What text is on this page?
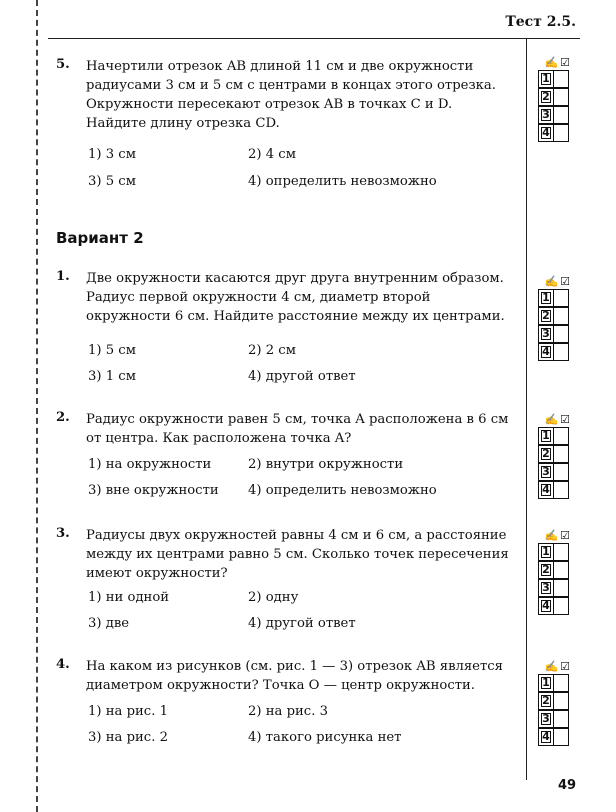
Тест 2.5.
5. Начертили отрезок AB длиной 11 см и две окружности радиусами 3 см и 5 см с центрами в концах этого отрезка. Окружности пересекают отрезок AB в точках C и D. Найдите длину отрезка CD.
1) 3 см	2) 4 см
3) 5 см	4) определить невозможно
✍☑
1
2
3
4
Вариант 2
1. Две окружности касаются друг друга внутренним образом. Радиус первой окружности 4 см, диаметр второй окружности 6 см. Найдите расстояние между их центрами.
1) 5 см	2) 2 см
3) 1 см	4) другой ответ
✍☑
1
2
3
4
2. Радиус окружности равен 5 см, точка A расположена в 6 см от центра. Как расположена точка A?
1) на окружности	2) внутри окружности
3) вне окружности 4) определить невозможно
✍☑
1
2
3
4
3. Радиусы двух окружностей равны 4 см и 6 см, а расстояние между их центрами равно 5 см. Сколько точек пересечения имеют окружности?
1) ни одной	2) одну
3) две	4) другой ответ
✍☑
1
2
3
4
4. На каком из рисунков (см. рис. 1 — 3) отрезок AB является диаметром окружности? Точка O — центр окружности.
1) на рис. 1	2) на рис. 3
3) на рис. 2	4) такого рисунка нет
✍☑
1
2
3
4
49
